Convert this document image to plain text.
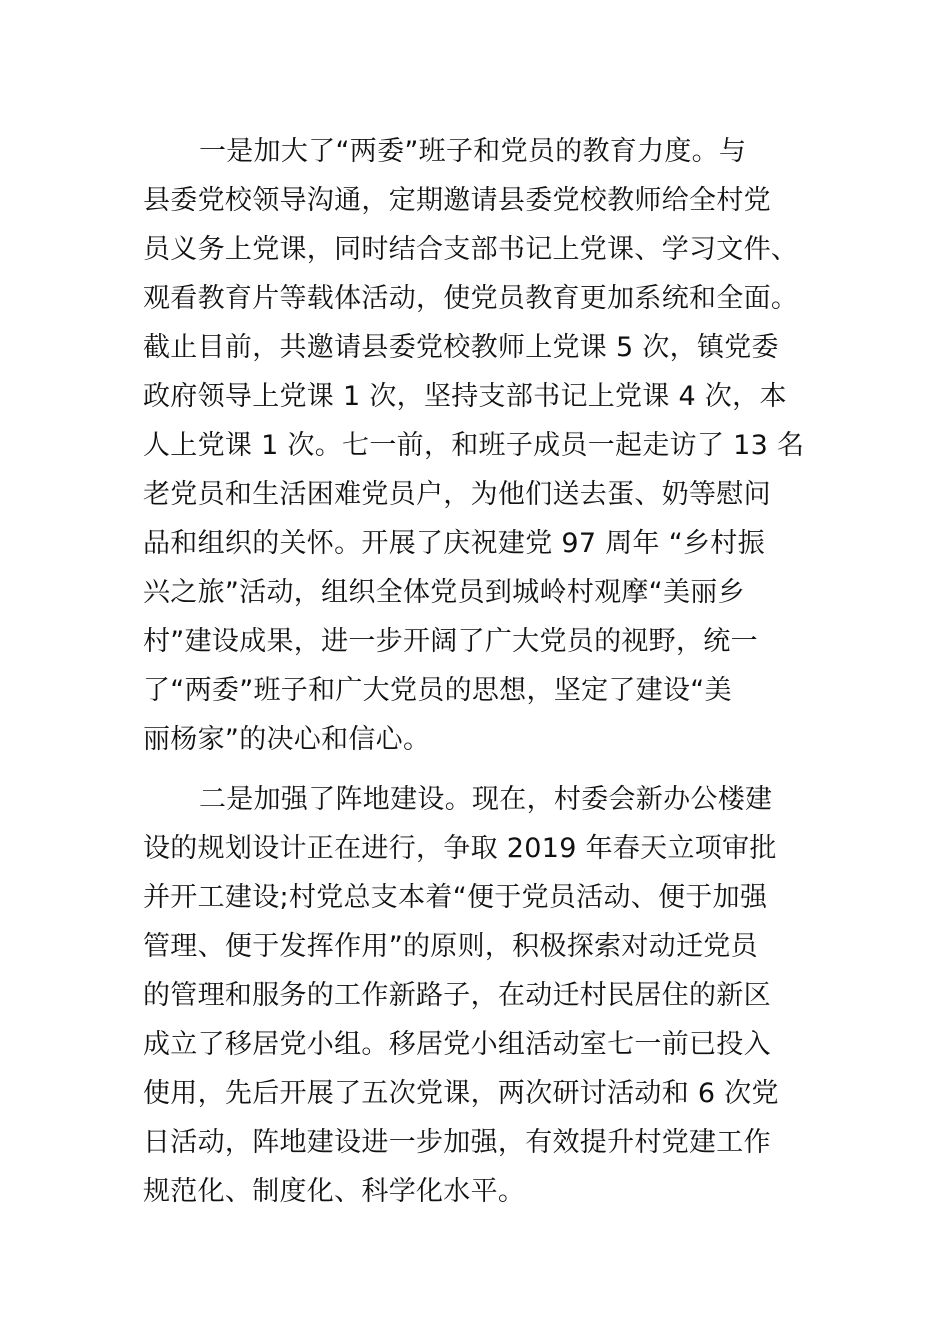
一是加大了“两委”班子和党员的教育力度。与
县委党校领导沟通，定期邀请县委党校教师给全村党
员义务上党课，同时结合支部书记上党课、学习文件、
观看教育片等载体活动，使党员教育更加系统和全面。
截止目前，共邀请县委党校教师上党课 5 次，镇党委
政府领导上党课 1 次，坚持支部书记上党课 4 次，本
人上党课 1 次。七一前，和班子成员一起走访了 13 名
老党员和生活困难党员户，为他们送去蛋、奶等慰问
品和组织的关怀。开展了庆祝建党 97 周年 “乡村振
兴之旅”活动，组织全体党员到城岭村观摩“美丽乡
村”建设成果，进一步开阔了广大党员的视野，统一
了“两委”班子和广大党员的思想，坚定了建设“美
丽杨家”的决心和信心。
二是加强了阵地建设。现在，村委会新办公楼建
设的规划设计正在进行，争取 2019 年春天立项审批
并开工建设;村党总支本着“便于党员活动、便于加强
管理、便于发挥作用”的原则，积极探索对动迁党员
的管理和服务的工作新路子，在动迁村民居住的新区
成立了移居党小组。移居党小组活动室七一前已投入
使用，先后开展了五次党课，两次研讨活动和 6 次党
日活动，阵地建设进一步加强，有效提升村党建工作
规范化、制度化、科学化水平。
